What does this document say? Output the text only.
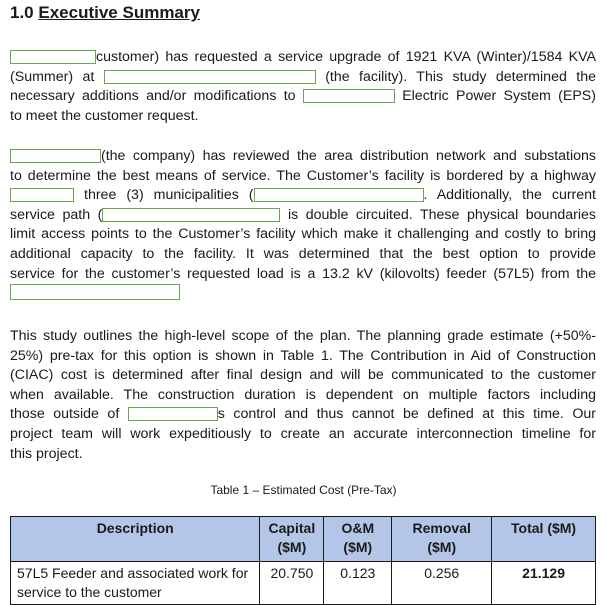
1.0 Executive Summary
customer) has requested a service upgrade of 1921 KVA (Winter)/1584 KVA
(Summer) at	(the facility). This study determined the
necessary additions and/or modifications to	Electric Power System (EPS)
to meet the customer request.
(the company) has reviewed the area distribution network and substations
to determine the best means of service. The Customer’s facility is bordered by a highway
three (3) municipalities (	. Additionally, the current
service path (	is double circuited. These physical boundaries
limit access points to the Customer’s facility which make it challenging and costly to bring
additional capacity to the facility. It was determined that the best option to provide
service for the customer’s requested load is a 13.2 kV (kilovolts) feeder (57L5) from the
This study outlines the high-level scope of the plan. The planning grade estimate (+50%-
25%) pre-tax for this option is shown in Table 1. The Contribution in Aid of Construction
(CIAC) cost is determined after final design and will be communicated to the customer
when available. The construction duration is dependent on multiple factors including
those outside of	s control and thus cannot be defined at this time. Our
project team will work expeditiously to create an accurate interconnection timeline for
this project.
Table 1 – Estimated Cost (Pre-Tax)
Description	Capital ($M)	O&M ($M)	Removal ($M)	Total ($M)
57L5 Feeder and associated work for service to the customer	20.750	0.123	0.256	21.129
